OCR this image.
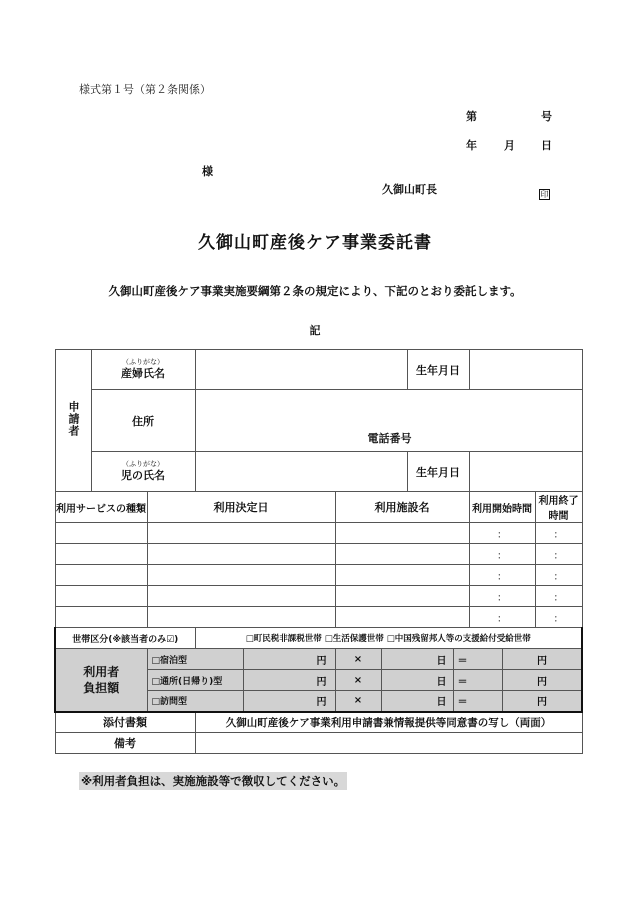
様式第１号（第２条関係）
第	号
年 月 日
様
久御山町長	印
久御山町産後ケア事業委託書
久御山町産後ケア事業実施要綱第２条の規定により、下記のとおり委託します。
記
申請者	（ふりがな）
産婦氏名						生年月日				
	住所		電話番号								

	（ふりがな）
児の氏名						生年月日				
利用サービスの種類		利用決定日			利用施設名				利用開始時間		利用終了時間
									：		：
									：		：
									：		：
									：		：
									：		：
世帯区分(※該当者のみ☑)			□町民税非課税世帯 □生活保護世帯 □中国残留邦人等の支援給付受給世帯								

利用者
負担額		□宿泊型		円	×	日		＝		円	
		□通所(日帰り)型		円	×	日		＝		円	
		□訪問型		円	×	日		＝		円	
添付書類			久御山町産後ケア事業利用申請書兼情報提供等同意書の写し（両面）								
備考											
※利用者負担は、実施施設等で徴収してください。
